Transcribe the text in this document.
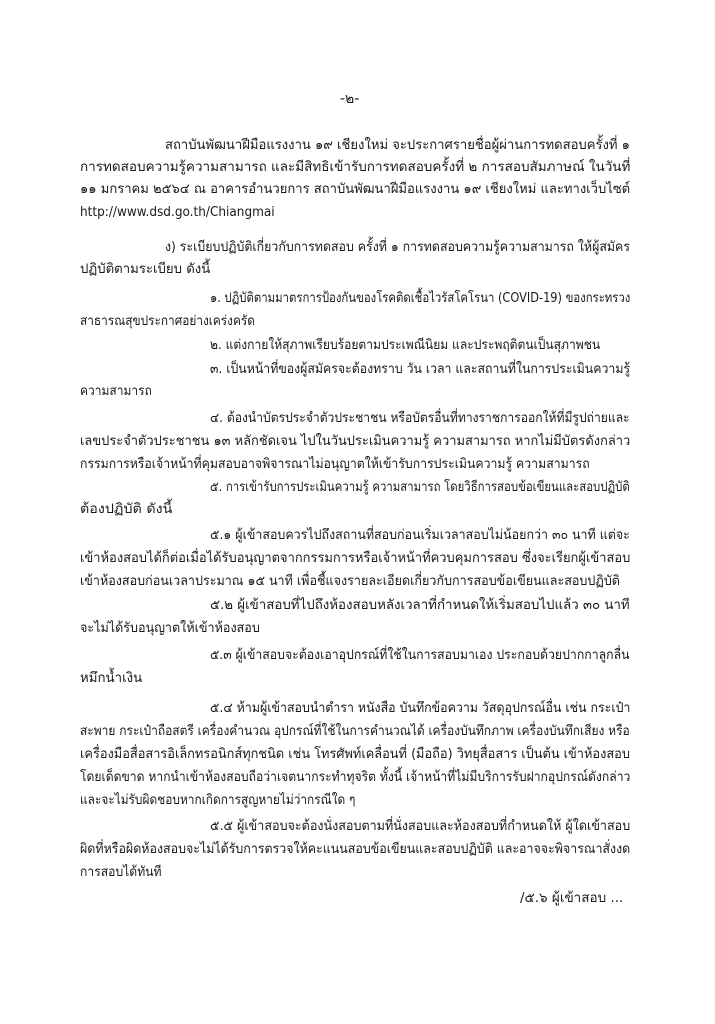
-๒-
สถาบันพัฒนาฝีมือแรงงาน ๑๙ เชียงใหม่ จะประกาศรายชื่อผู้ผ่านการทดสอบครั้งที่ ๑
การทดสอบความรู้ความสามารถ และมีสิทธิเข้ารับการทดสอบครั้งที่ ๒ การสอบสัมภาษณ์ ในวันที่
๑๑ มกราคม ๒๕๖๔ ณ อาคารอำนวยการ สถาบันพัฒนาฝีมือแรงงาน ๑๙ เชียงใหม่ และทางเว็บไซต์
http://www.dsd.go.th/Chiangmai
ง) ระเบียบปฏิบัติเกี่ยวกับการทดสอบ ครั้งที่ ๑ การทดสอบความรู้ความสามารถ ให้ผู้สมัคร
ปฏิบัติตามระเบียบ ดังนี้
๑. ปฏิบัติตามมาตรการป้องกันของโรคติดเชื้อไวรัสโคโรนา (COVID-19) ของกระทรวง
สาธารณสุขประกาศอย่างเคร่งครัด
๒. แต่งกายให้สุภาพเรียบร้อยตามประเพณีนิยม และประพฤติตนเป็นสุภาพชน
๓. เป็นหน้าที่ของผู้สมัครจะต้องทราบ วัน เวลา และสถานที่ในการประเมินความรู้
ความสามารถ
๔. ต้องนำบัตรประจำตัวประชาชน หรือบัตรอื่นที่ทางราชการออกให้ที่มีรูปถ่ายและ
เลขประจำตัวประชาชน ๑๓ หลักชัดเจน ไปในวันประเมินความรู้ ความสามารถ หากไม่มีบัตรดังกล่าว
กรรมการหรือเจ้าหน้าที่คุมสอบอาจพิจารณาไม่อนุญาตให้เข้ารับการประเมินความรู้ ความสามารถ
๕. การเข้ารับการประเมินความรู้ ความสามารถ โดยวิธีการสอบข้อเขียนและสอบปฏิบัติ
ต้องปฏิบัติ ดังนี้
๕.๑ ผู้เข้าสอบควรไปถึงสถานที่สอบก่อนเริ่มเวลาสอบไม่น้อยกว่า ๓๐ นาที แต่จะ
เข้าห้องสอบได้ก็ต่อเมื่อได้รับอนุญาตจากกรรมการหรือเจ้าหน้าที่ควบคุมการสอบ ซึ่งจะเรียกผู้เข้าสอบ
เข้าห้องสอบก่อนเวลาประมาณ ๑๕ นาที เพื่อชี้แจงรายละเอียดเกี่ยวกับการสอบข้อเขียนและสอบปฏิบัติ
๕.๒ ผู้เข้าสอบที่ไปถึงห้องสอบหลังเวลาที่กำหนดให้เริ่มสอบไปแล้ว ๓๐ นาที
จะไม่ได้รับอนุญาตให้เข้าห้องสอบ
๕.๓ ผู้เข้าสอบจะต้องเอาอุปกรณ์ที่ใช้ในการสอบมาเอง ประกอบด้วยปากกาลูกลื่น
หมึกน้ำเงิน
๕.๔ ห้ามผู้เข้าสอบนำตำรา หนังสือ บันทึกข้อความ วัสดุอุปกรณ์อื่น เช่น กระเป๋า
สะพาย กระเป๋าถือสตรี เครื่องคำนวณ อุปกรณ์ที่ใช้ในการคำนวณได้ เครื่องบันทึกภาพ เครื่องบันทึกเสียง หรือ
เครื่องมือสื่อสารอิเล็กทรอนิกส์ทุกชนิด เช่น โทรศัพท์เคลื่อนที่ (มือถือ) วิทยุสื่อสาร เป็นต้น เข้าห้องสอบ
โดยเด็ดขาด หากนำเข้าห้องสอบถือว่าเจตนากระทำทุจริต ทั้งนี้ เจ้าหน้าที่ไม่มีบริการรับฝากอุปกรณ์ดังกล่าว
และจะไม่รับผิดชอบหากเกิดการสูญหายไม่ว่ากรณีใด ๆ
๕.๕ ผู้เข้าสอบจะต้องนั่งสอบตามที่นั่งสอบและห้องสอบที่กำหนดให้ ผู้ใดเข้าสอบ
ผิดที่หรือผิดห้องสอบจะไม่ได้รับการตรวจให้คะแนนสอบข้อเขียนและสอบปฏิบัติ และอาจจะพิจารณาสั่งงด
การสอบได้ทันที
/๕.๖ ผู้เข้าสอบ ...
